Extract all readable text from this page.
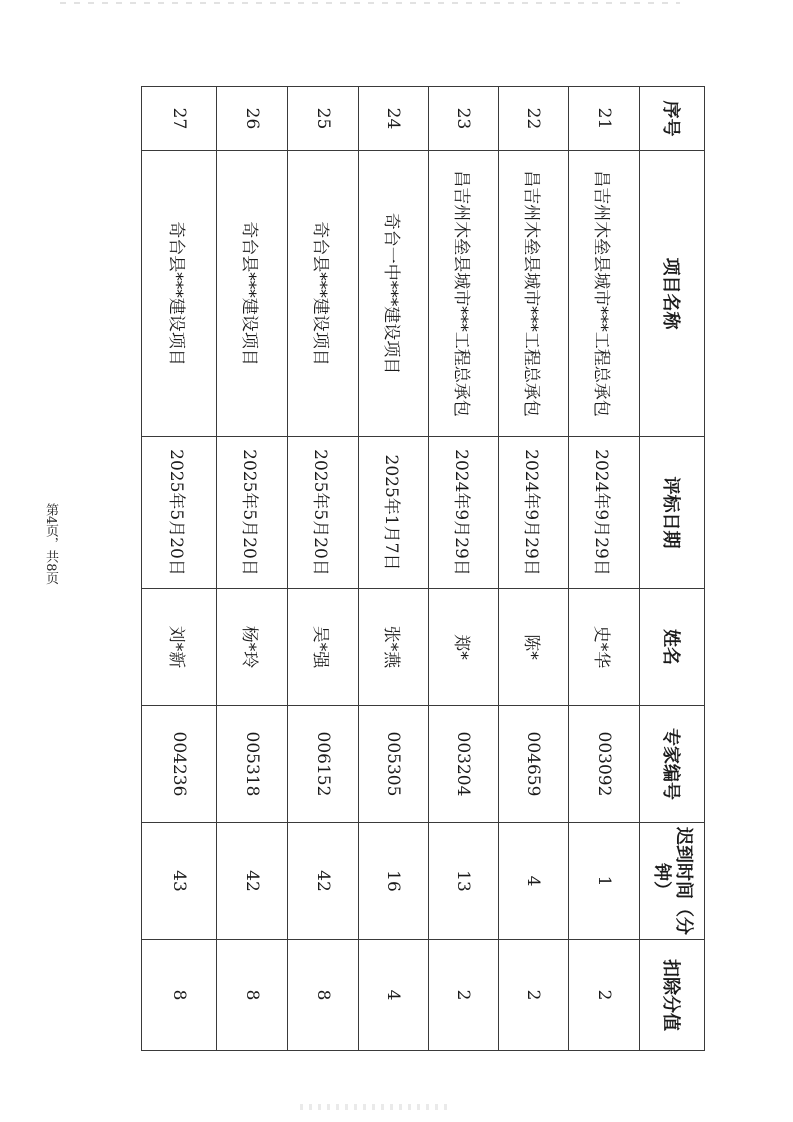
序号	项目名称	评标日期	姓名	专家编号	迟到时间（分钟）	扣除分值
21	昌吉州木垒县城市***工程总承包	2024年9月29日	史*华	003092	1	2
22	昌吉州木垒县城市***工程总承包	2024年9月29日	陈*	004659	4	2
23	昌吉州木垒县城市***工程总承包	2024年9月29日	郑*	003204	13	2
24	奇台一中***建设项目	2025年1月7日	张*燕	005305	16	4
25	奇台县***建设项目	2025年5月20日	吴*强	006152	42	8
26	奇台县***建设项目	2025年5月20日	杨*玲	005318	42	8
27	奇台县***建设项目	2025年5月20日	刘*新	004236	43	8
第4页，共8页
